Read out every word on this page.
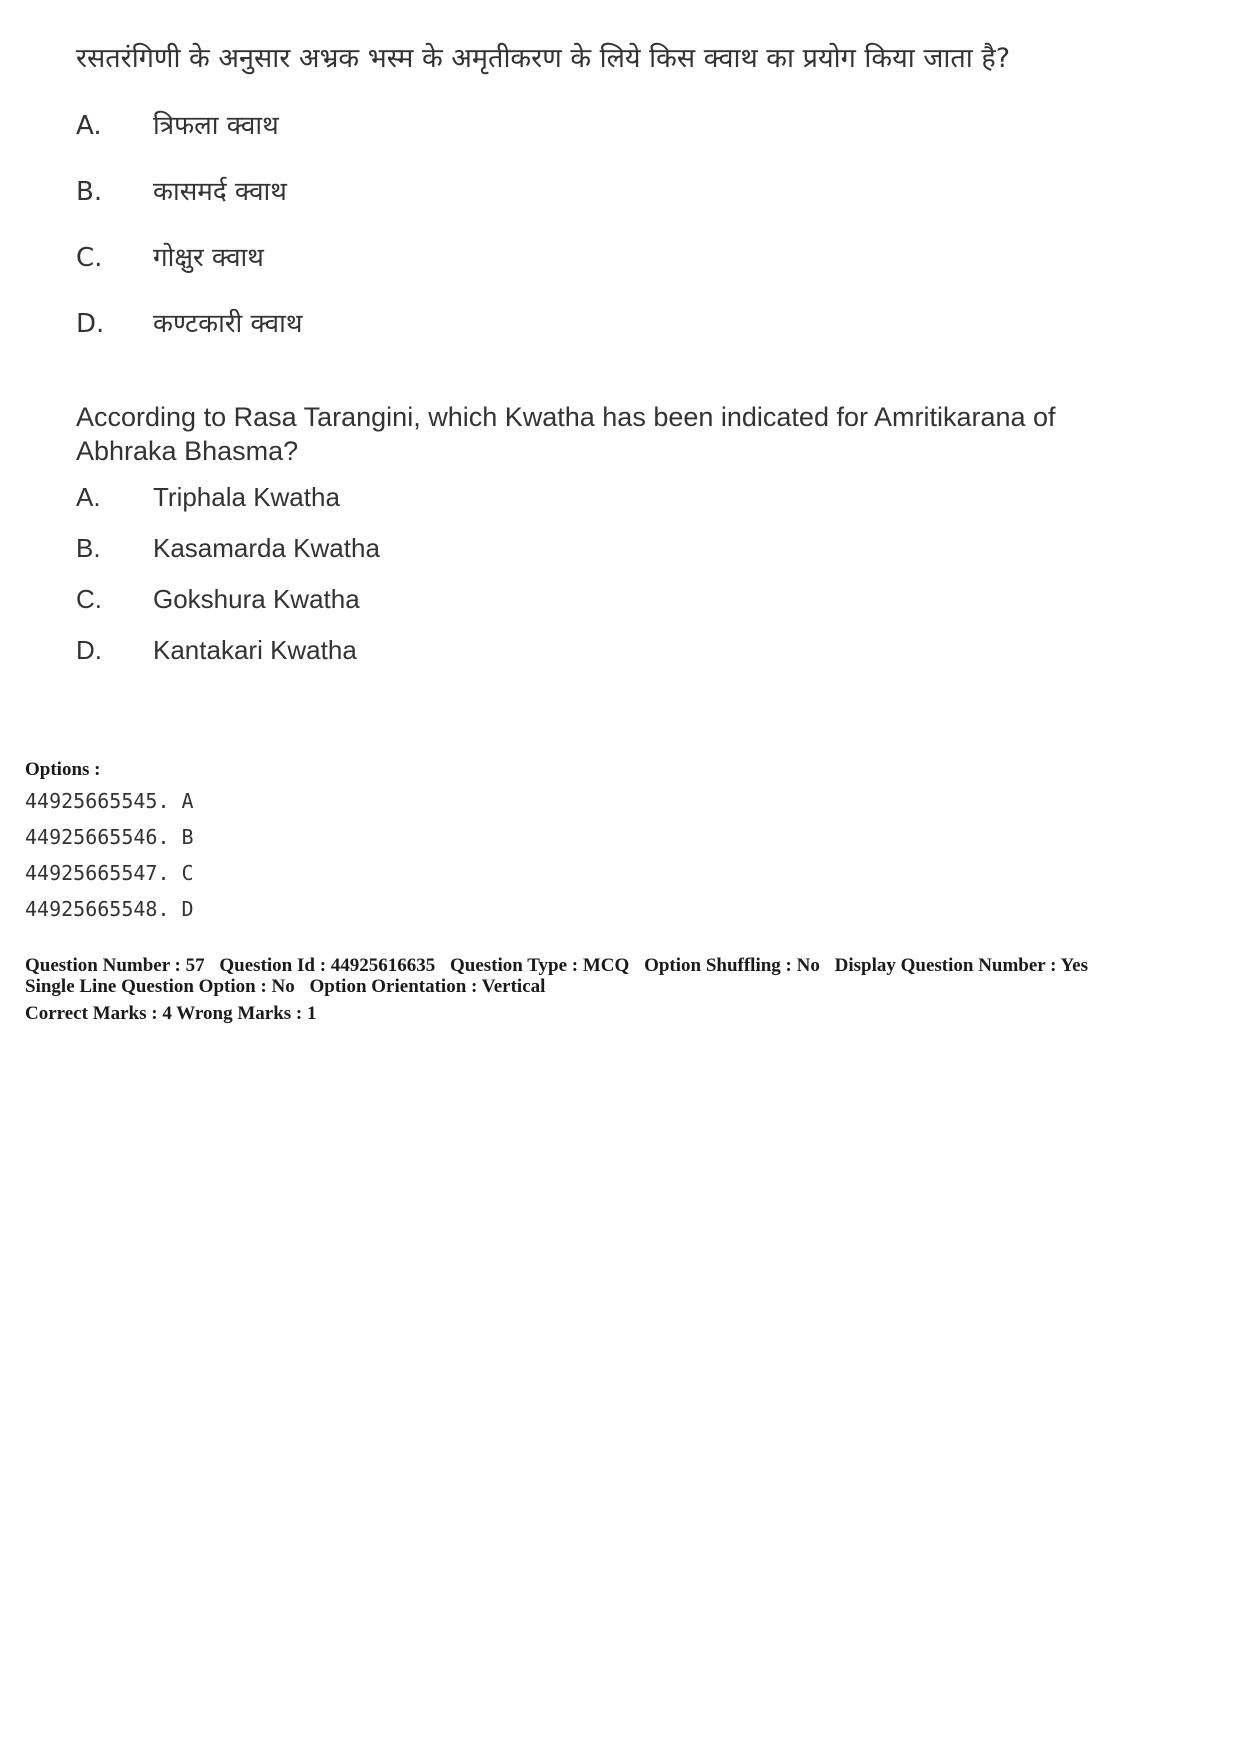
रसतरंगिणी के अनुसार अभ्रक भस्म के अमृतीकरण के लिये किस क्वाथ का प्रयोग किया जाता है?

A.	त्रिफला क्वाथ
B.	कासमर्द क्वाथ
C.	गोक्षुर क्वाथ
D.	कण्टकारी क्वाथ

According to Rasa Tarangini, which Kwatha has been indicated for Amritikarana of Abhraka Bhasma?

A.	Triphala Kwatha
B.	Kasamarda Kwatha
C.	Gokshura Kwatha
D.	Kantakari Kwatha
Options :
44925665545. A
44925665546. B
44925665547. C
44925665548. D
Question Number : 57 Question Id : 44925616635 Question Type : MCQ Option Shuffling : No Display Question Number : Yes
Single Line Question Option : No Option Orientation : Vertical
Correct Marks : 4 Wrong Marks : 1
